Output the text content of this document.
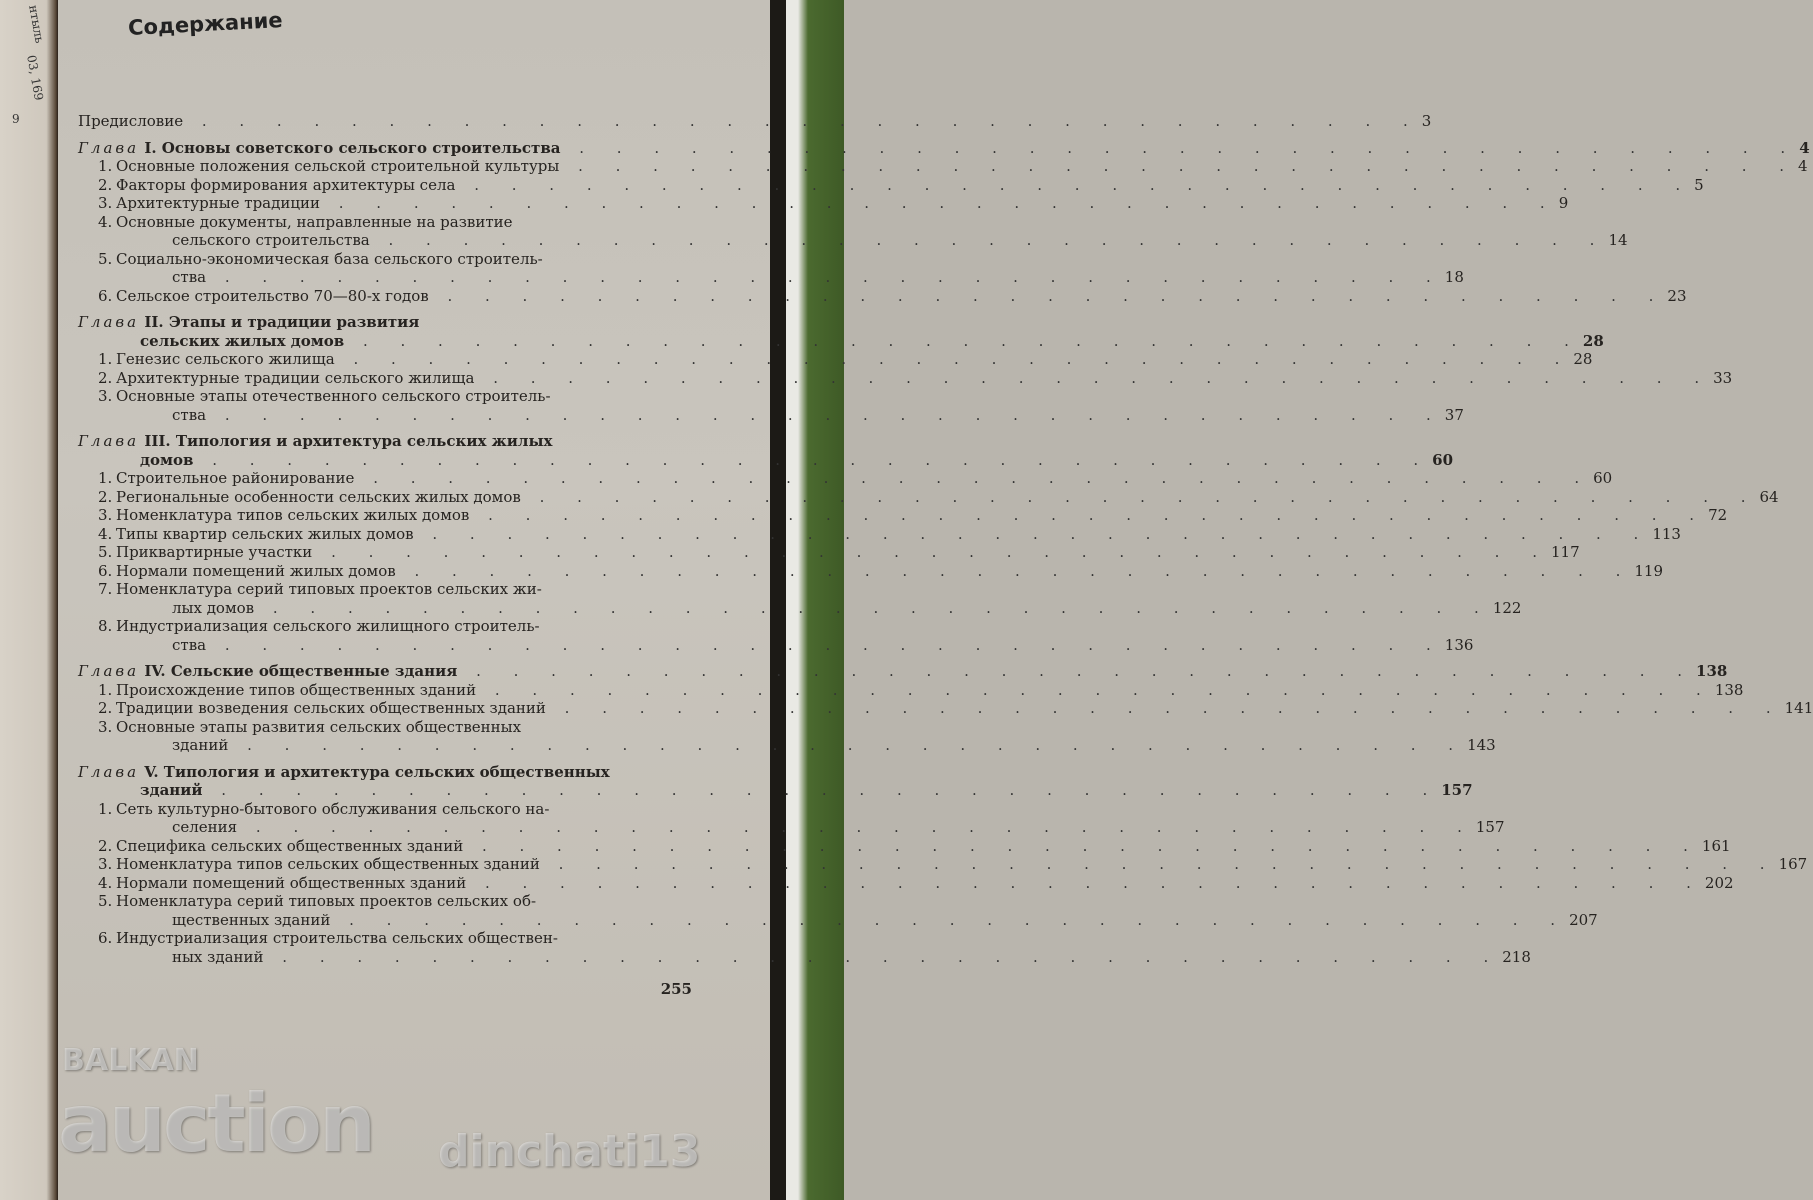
нтыль
03, 169
9
Содержание
Предисловие . . . . . . . . . . . . . . . . . . . . . . . . . . . . . . . . . 3
Глава I. Основы советского сельского строительства . . . . . . . . . . . . . . . . . . . . . . . . . . . . . . . . . 4
1. Основные положения сельской строительной культуры . . . . . . . . . . . . . . . . . . . . . . . . . . . . . . . . . 4
2. Факторы формирования архитектуры села . . . . . . . . . . . . . . . . . . . . . . . . . . . . . . . . . 5
3. Архитектурные традиции . . . . . . . . . . . . . . . . . . . . . . . . . . . . . . . . . 9
4. Основные документы, направленные на развитие
сельского строительства . . . . . . . . . . . . . . . . . . . . . . . . . . . . . . . . . 14
5. Социально-экономическая база сельского строитель-
ства . . . . . . . . . . . . . . . . . . . . . . . . . . . . . . . . . 18
6. Сельское строительство 70—80-х годов . . . . . . . . . . . . . . . . . . . . . . . . . . . . . . . . . 23
Глава II. Этапы и традиции развития
сельских жилых домов . . . . . . . . . . . . . . . . . . . . . . . . . . . . . . . . . 28
1. Генезис сельского жилища . . . . . . . . . . . . . . . . . . . . . . . . . . . . . . . . . 28
2. Архитектурные традиции сельского жилища . . . . . . . . . . . . . . . . . . . . . . . . . . . . . . . . . 33
3. Основные этапы отечественного сельского строитель-
ства . . . . . . . . . . . . . . . . . . . . . . . . . . . . . . . . . 37
Глава III. Типология и архитектура сельских жилых
домов . . . . . . . . . . . . . . . . . . . . . . . . . . . . . . . . . 60
1. Строительное районирование . . . . . . . . . . . . . . . . . . . . . . . . . . . . . . . . . 60
2. Региональные особенности сельских жилых домов . . . . . . . . . . . . . . . . . . . . . . . . . . . . . . . . . 64
3. Номенклатура типов сельских жилых домов . . . . . . . . . . . . . . . . . . . . . . . . . . . . . . . . . 72
4. Типы квартир сельских жилых домов . . . . . . . . . . . . . . . . . . . . . . . . . . . . . . . . . 113
5. Приквартирные участки . . . . . . . . . . . . . . . . . . . . . . . . . . . . . . . . . 117
6. Нормали помещений жилых домов . . . . . . . . . . . . . . . . . . . . . . . . . . . . . . . . . 119
7. Номенклатура серий типовых проектов сельских жи-
лых домов . . . . . . . . . . . . . . . . . . . . . . . . . . . . . . . . . 122
8. Индустриализация сельского жилищного строитель-
ства . . . . . . . . . . . . . . . . . . . . . . . . . . . . . . . . . 136
Глава IV. Сельские общественные здания . . . . . . . . . . . . . . . . . . . . . . . . . . . . . . . . . 138
1. Происхождение типов общественных зданий . . . . . . . . . . . . . . . . . . . . . . . . . . . . . . . . . 138
2. Традиции возведения сельских общественных зданий . . . . . . . . . . . . . . . . . . . . . . . . . . . . . . . . . 141
3. Основные этапы развития сельских общественных
зданий . . . . . . . . . . . . . . . . . . . . . . . . . . . . . . . . . 143
Глава V. Типология и архитектура сельских общественных
зданий . . . . . . . . . . . . . . . . . . . . . . . . . . . . . . . . . 157
1. Сеть культурно-бытового обслуживания сельского на-
селения . . . . . . . . . . . . . . . . . . . . . . . . . . . . . . . . . 157
2. Специфика сельских общественных зданий . . . . . . . . . . . . . . . . . . . . . . . . . . . . . . . . . 161
3. Номенклатура типов сельских общественных зданий . . . . . . . . . . . . . . . . . . . . . . . . . . . . . . . . . 167
4. Нормали помещений общественных зданий . . . . . . . . . . . . . . . . . . . . . . . . . . . . . . . . . 202
5. Номенклатура серий типовых проектов сельских об-
щественных зданий . . . . . . . . . . . . . . . . . . . . . . . . . . . . . . . . . 207
6. Индустриализация строительства сельских обществен-
ных зданий . . . . . . . . . . . . . . . . . . . . . . . . . . . . . . . . . 218
255
BALKAN
auction dinchati13
